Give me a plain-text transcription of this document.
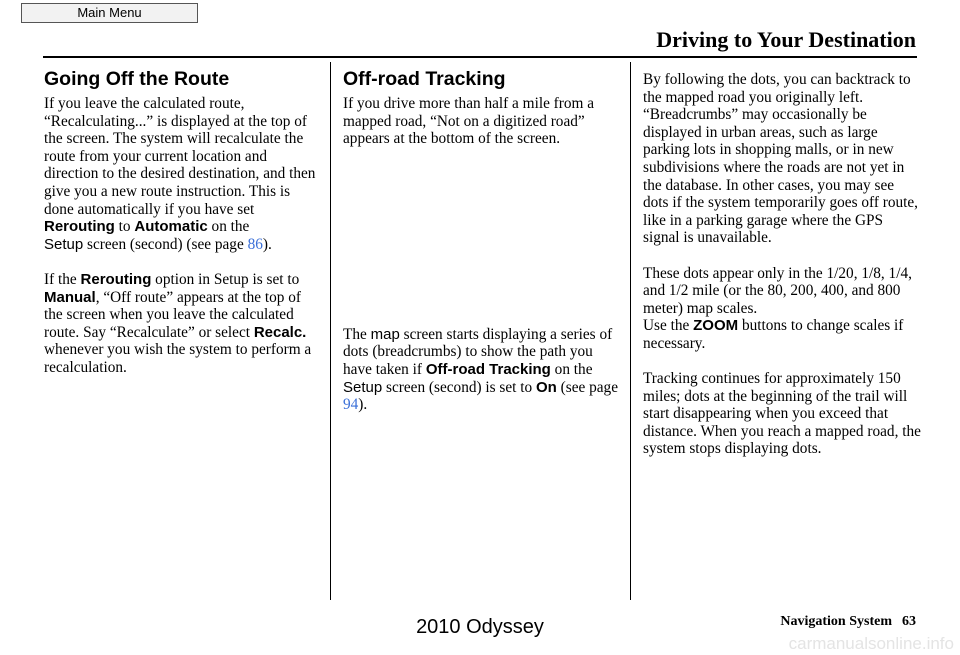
Main Menu
Driving to Your Destination
Going Off the Route

If you leave the calculated route, “Recalculating...” is displayed at the top of the screen. The system will recalculate the route from your current location and direction to the desired destination, and then give you a new route instruction. This is done automatically if you have set Rerouting to Automatic on the
Setup screen (second) (see page 86).

If the Rerouting option in Setup is set to Manual, “Off route” appears at the top of the screen when you leave the calculated route. Say “Recalculate” or select Recalc. whenever you wish the system to perform a recalculation.

Off-road Tracking

If you drive more than half a mile from a mapped road, “Not on a digitized road” appears at the bottom of the screen.

The map screen starts displaying a series of dots (breadcrumbs) to show the path you have taken if Off-road Tracking on the Setup screen (second) is set to On (see page 94).

By following the dots, you can backtrack to the mapped road you originally left. “Breadcrumbs” may occasionally be displayed in urban areas, such as large parking lots in shopping malls, or in new subdivisions where the roads are not yet in the database. In other cases, you may see dots if the system temporarily goes off route, like in a parking garage where the GPS signal is unavailable.

These dots appear only in the 1/20, 1/8, 1/4, and 1/2 mile (or the 80, 200, 400, and 800 meter) map scales.

Use the ZOOM buttons to change scales if necessary.

Tracking continues for approximately 150 miles; dots at the beginning of the trail will start disappearing when you exceed that distance. When you reach a mapped road, the system stops displaying dots.

Navigation System 63
2010 Odyssey
carmanualsonline.info
